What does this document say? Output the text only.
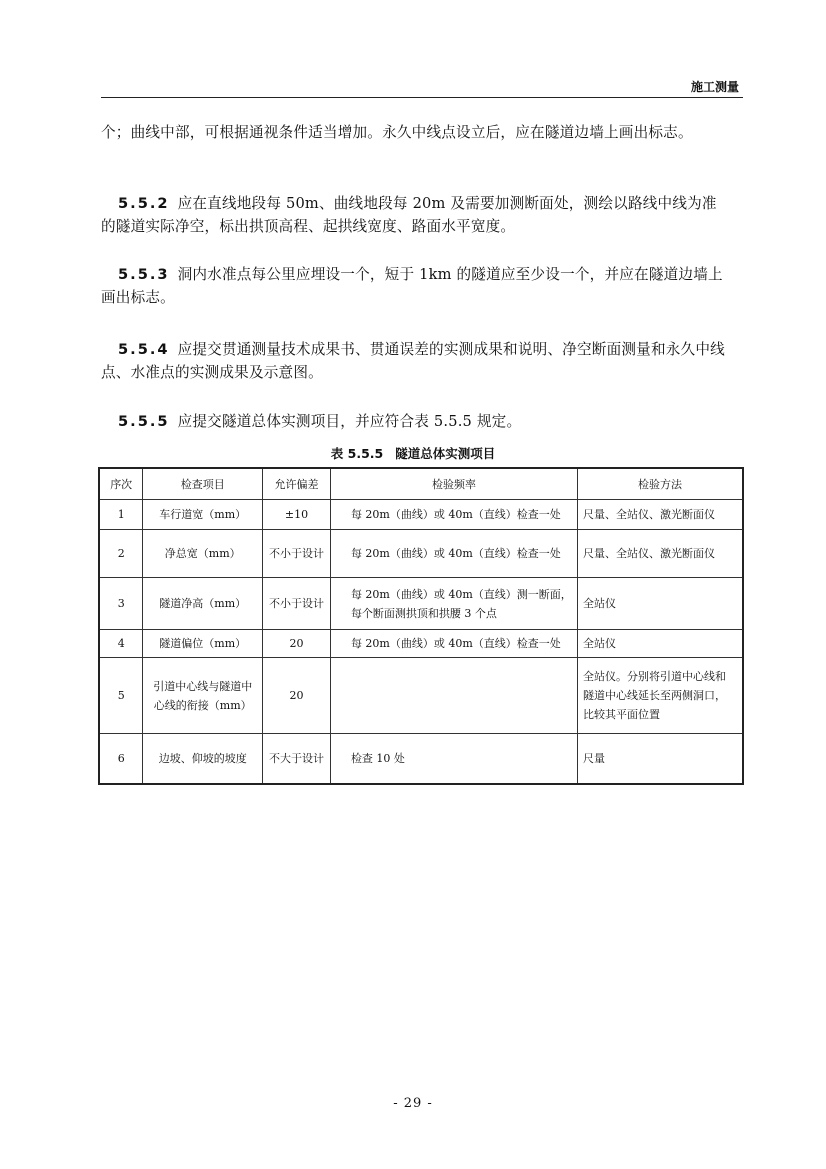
施工测量

个；曲线中部，可根据通视条件适当增加。永久中线点设立后，应在隧道边墙上画出标志。

5.5.2 应在直线地段每 50m、曲线地段每 20m 及需要加测断面处，测绘以路线中线为准的隧道实际净空，标出拱顶高程、起拱线宽度、路面水平宽度。

5.5.3 洞内水准点每公里应埋设一个，短于 1km 的隧道应至少设一个，并应在隧道边墙上画出标志。

5.5.4 应提交贯通测量技术成果书、贯通误差的实测成果和说明、净空断面测量和永久中线点、水准点的实测成果及示意图。

5.5.5 应提交隧道总体实测项目，并应符合表 5.5.5 规定。

表 5.5.5 隧道总体实测项目
序次	检查项目	允许偏差	检验频率	检验方法
1	车行道宽（mm）	±10	每 20m（曲线）或 40m（直线）检查一处	尺量、全站仪、激光断面仪
2	净总宽（mm）	不小于设计	每 20m（曲线）或 40m（直线）检查一处	尺量、全站仪、激光断面仪
3	隧道净高（mm）	不小于设计	每 20m（曲线）或 40m（直线）测一断面，每个断面测拱顶和拱腰 3 个点	全站仪
4	隧道偏位（mm）	20	每 20m（曲线）或 40m（直线）检查一处	全站仪
5	引道中心线与隧道中心线的衔接（mm）	20		全站仪。分别将引道中心线和隧道中心线延长至两侧洞口，比较其平面位置
6	边坡、仰坡的坡度	不大于设计	检查 10 处	尺量
- 29 -
